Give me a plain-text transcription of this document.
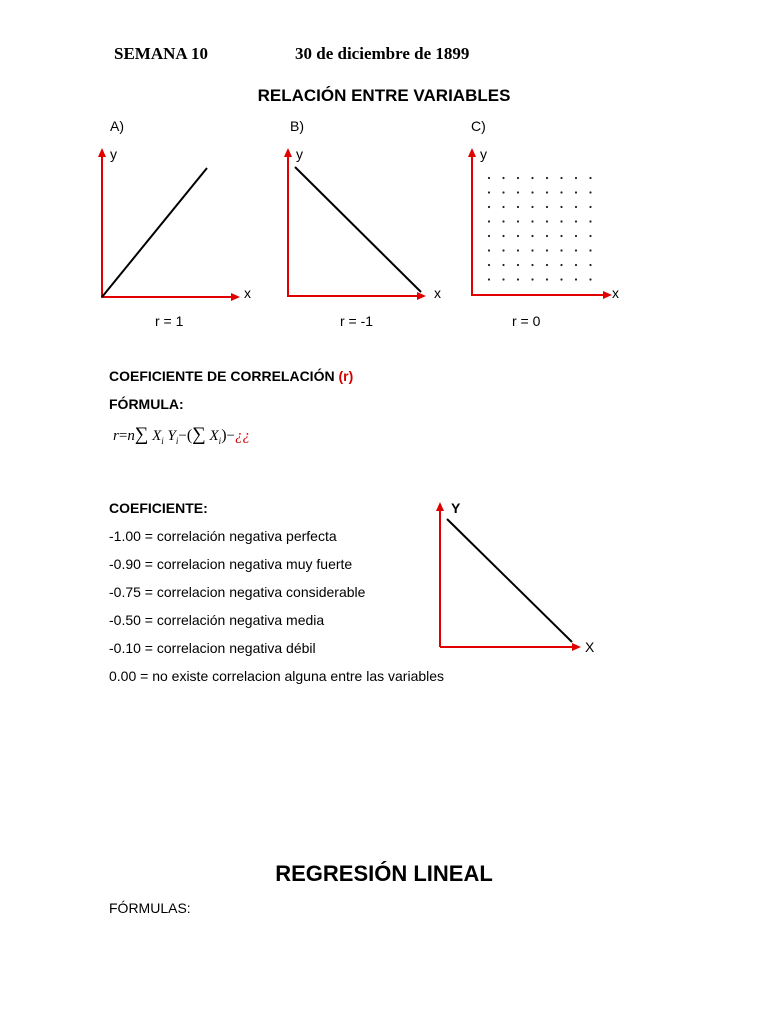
SEMANA 10	30 de diciembre de 1899
RELACIÓN ENTRE VARIABLES
A)	B)	C)
y
x
r = 1
y
x
r = -1
y
x
r = 0
COEFICIENTE DE CORRELACIÓN (r)
FÓRMULA:
r=n∑ $X_i$ $Y_i-(\sum$ $X_i)-¿¿$
COEFICIENTE:
-1.00 = correlación negativa perfecta
-0.90 = correlacion negativa muy fuerte
-0.75 = correlacion negativa considerable
-0.50 = correlación negativa media
-0.10 = correlacion negativa débil
0.00 = no existe correlacion alguna entre las variables
Y
X
REGRESIÓN LINEAL
FÓRMULAS:
